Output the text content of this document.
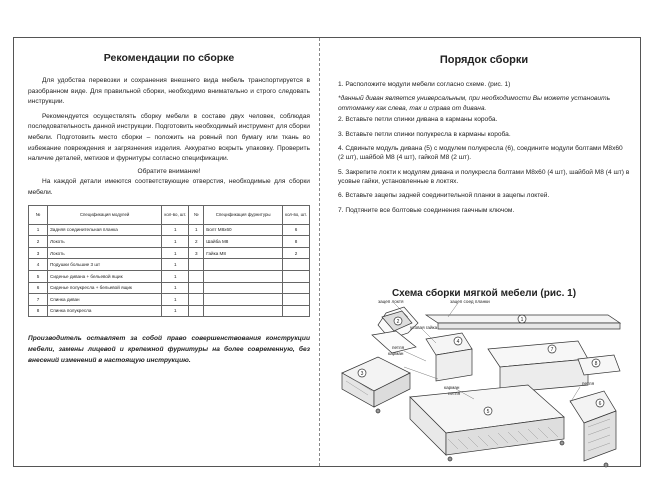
Рекомендации по сборке

Для удобства перевозки и сохранения внешнего вида мебель транспортируется в разобранном виде. Для правильной сборки, необходимо внимательно и строго следовать инструкции.

Рекомендуется осуществлять сборку мебели в составе двух человек, соблюдая последовательность данной инструкции. Подготовить необходимый инструмент для сборки мебели. Подготовить место сборки – положить на ровный пол бумагу или ткань во избежание повреждения и загрязнения изделия. Аккуратно вскрыть упаковку. Проверить наличие деталей, метизов и фурнитуры согласно спецификации.

Обратите внимание!

На каждой детали имеются соответствующие отверстия, необходимые для сборки мебели.

№	Спецификация модулей	кол-во, шт.	№	Спецификация фурнитуры	кол-во, шт.
1	Задняя соединительная планка	1	1	Болт М8х60	6
2	Локоть	1	2	Шайба М8	8
3	Локоть	1	3	Гайка М8	2
4	Подушки большие 3 шт	1			
5	Сиденье дивана + бельевой ящик	1			
6	Сиденье полукресла + бельевой ящик	1			
7	Спинка диван	1			
8	Спинка полукресла	1			

Производитель оставляет за собой право совершенствования конструкции мебели, замены лицевой и крепежной фурнитуры на более современную, без внесений изменений в настоящую инструкцию.

Порядок сборки

1. Расположите модули мебели согласно схеме. (рис. 1)

*данный диван является универсальным, при необходимости Вы можете установить оттоманку как слева, так и справа от дивана.

2. Вставьте петли спинки дивана в карманы короба.

3. Вставьте петли спинки полукресла в карманы короба.

4. Сдвиньте модуль дивана (5) с модулем полукресла (6), соедините модули болтами М8х60 (2 шт), шайбой М8 (4 шт), гайкой М8 (2 шт).

5. Закрепите локти к модулям дивана и полукресла болтами М8х60 (4 шт), шайбой М8 (4 шт) в усовые гайки, установленные в локтях.

6. Вставьте зацепы задней соединительной планки в зацепы локтей.

7. Подтяните все болтовые соединения гаечным ключом.

Схема сборки мягкой мебели (рис. 1)
зацеп локтя	зацеп соед планки
усовая гайка
петля
карман
карман
петля
петля
1
2
3
4
5
6
7
8
